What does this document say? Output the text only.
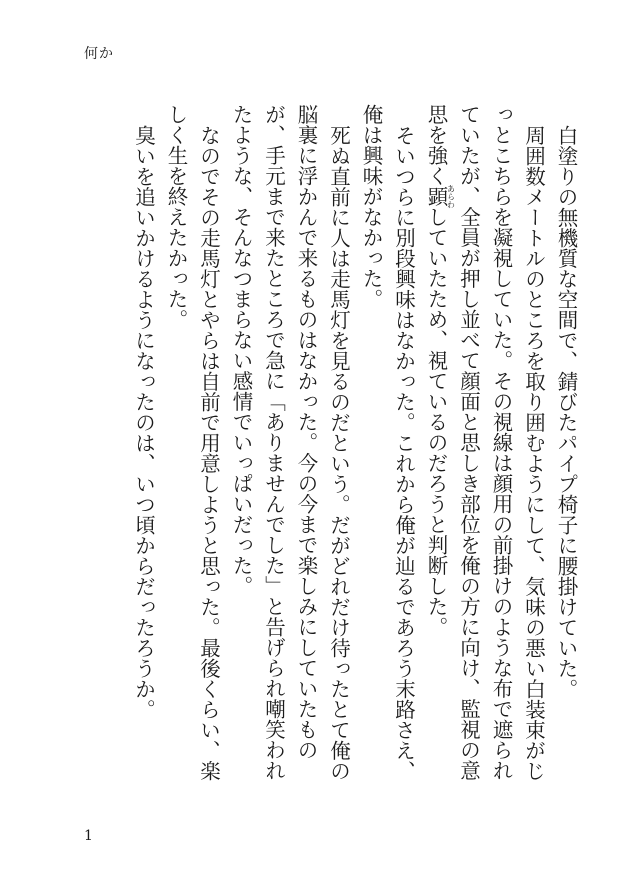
何か

白塗りの無機質な空間で、錆びたパイプ椅子に腰掛けていた。

周囲数メートルのところを取り囲むようにして、気味の悪い白装束がじっとこちらを凝視していた。その視線は顔用の前掛けのような布で遮られていたが、全員が押し並べて顔面と思しき部位を俺の方に向け、監視の意思を強く顕あらわしていたため、視ているのだろうと判断した。

そいつらに別段興味はなかった。これから俺が辿るであろう末路さえ、俺は興味がなかった。

死ぬ直前に人は走馬灯を見るのだという。だがどれだけ待ったとて俺の脳裏に浮かんで来るものはなかった。今の今まで楽しみにしていたものが、手元まで来たところで急に「ありませんでした」と告げられ嘲笑われたような、そんなつまらない感情でいっぱいだった。

なのでその走馬灯とやらは自前で用意しようと思った。最後くらい、楽しく生を終えたかった。

臭いを追いかけるようになったのは、いつ頃からだったろうか。

1
